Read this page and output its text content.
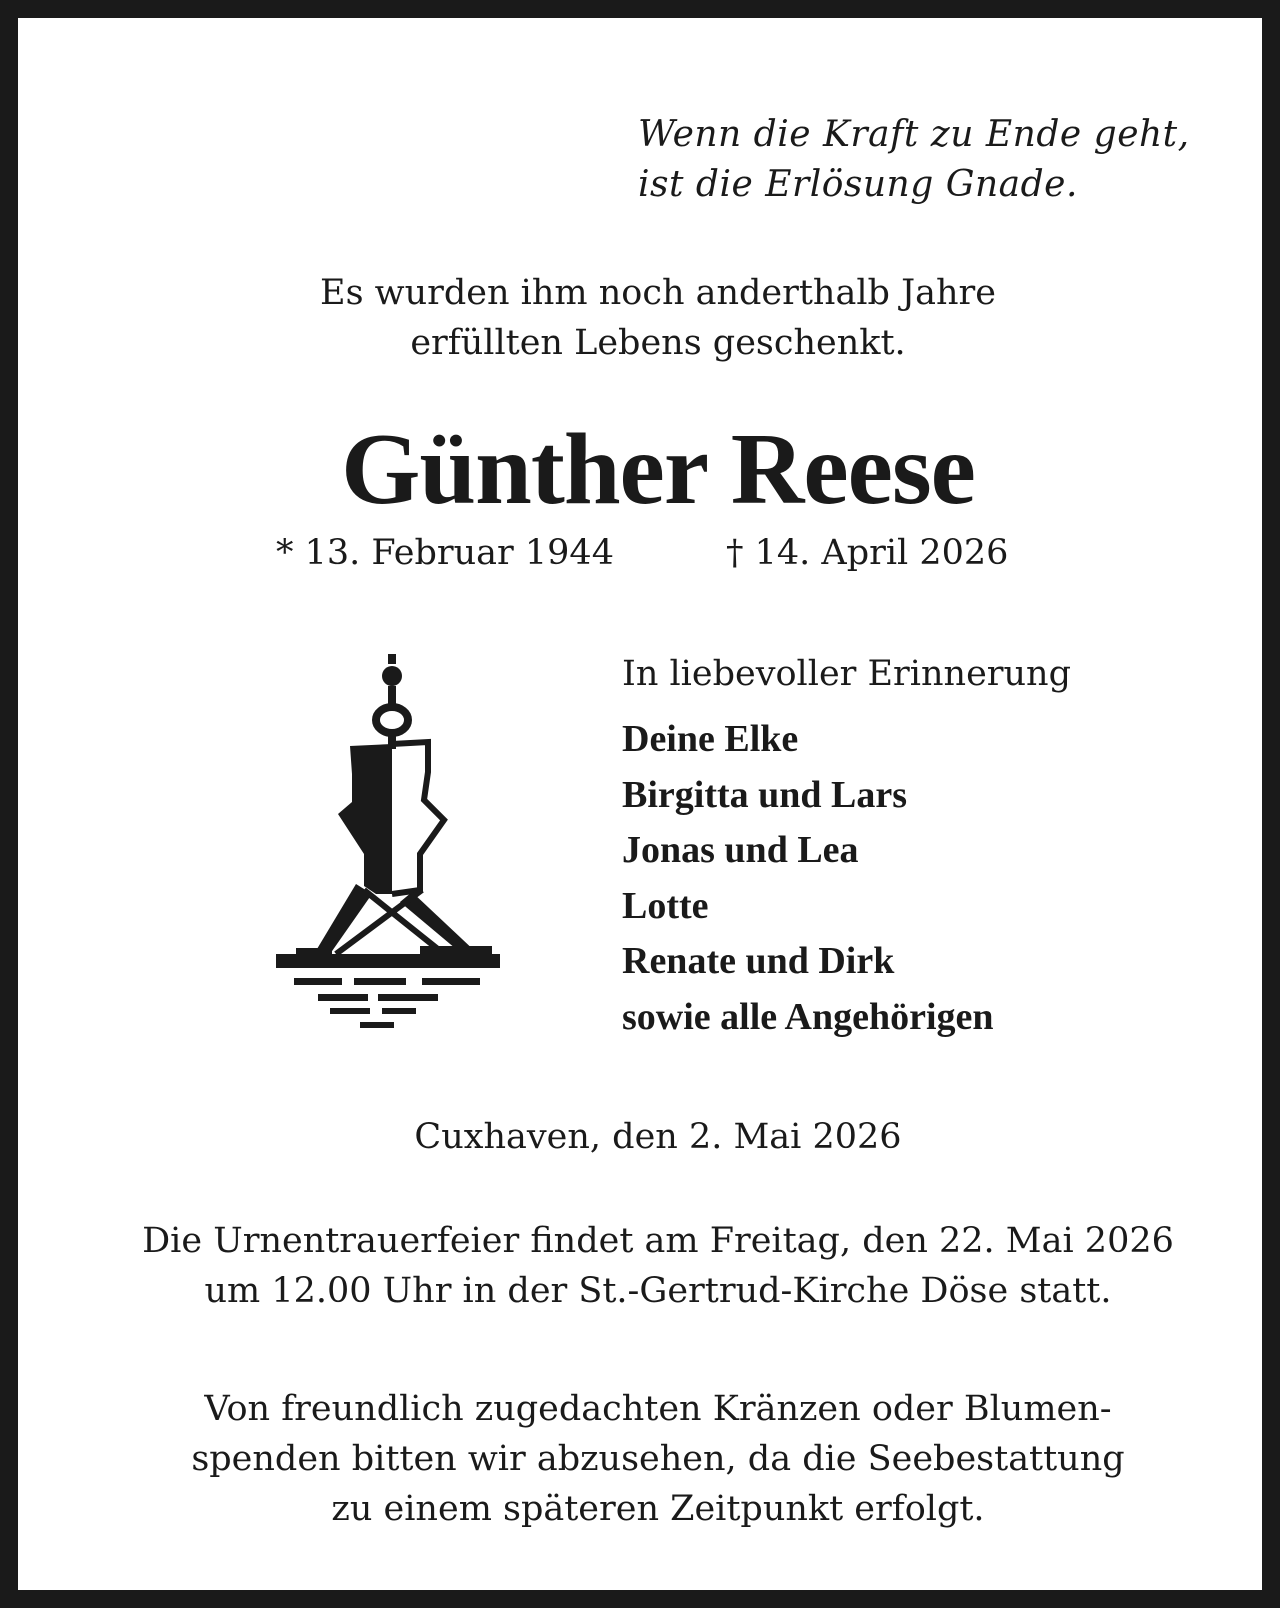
Wenn die Kraft zu Ende geht,
ist die Erlösung Gnade.
Es wurden ihm noch anderthalb Jahre
erfüllten Lebens geschenkt.
Günther Reese
* 13. Februar 1944	† 14. April 2026
In liebevoller Erinnerung
Deine Elke
Birgitta und Lars
Jonas und Lea
Lotte
Renate und Dirk
sowie alle Angehörigen
Cuxhaven, den 2. Mai 2026
Die Urnentrauerfeier findet am Freitag, den 22. Mai 2026
um 12.00 Uhr in der St.-Gertrud-Kirche Döse statt.
Von freundlich zugedachten Kränzen oder Blumen-
spenden bitten wir abzusehen, da die Seebestattung
zu einem späteren Zeitpunkt erfolgt.
